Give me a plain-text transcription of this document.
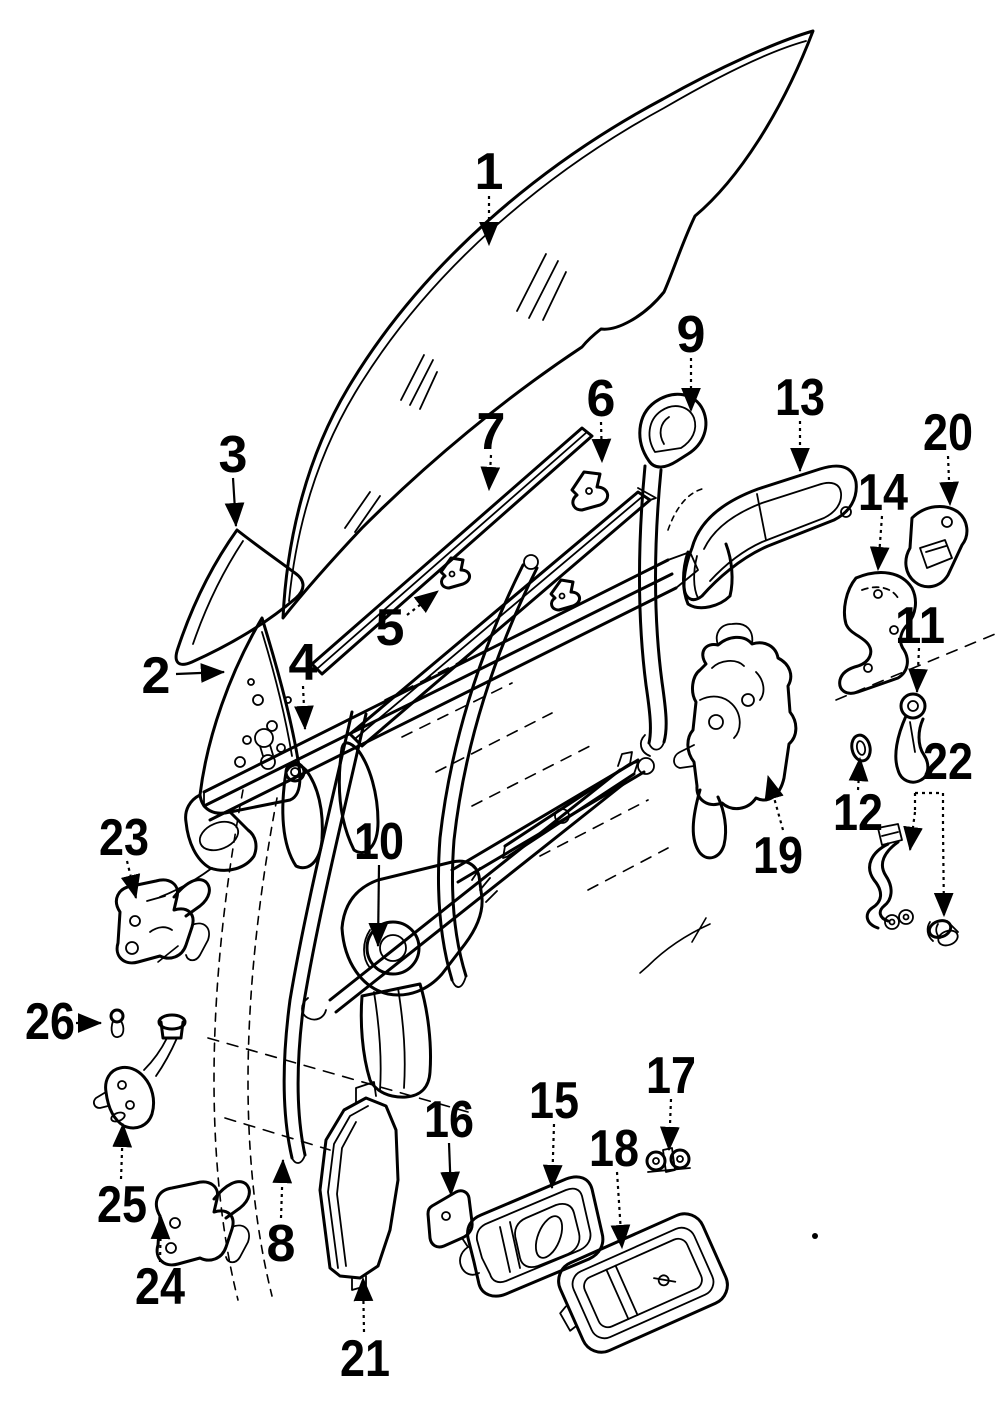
1
2
3
4
5
6
7
8
9
10
11
12
13
14
15
16
17
18
19
20
21
22
23
24
25
26
